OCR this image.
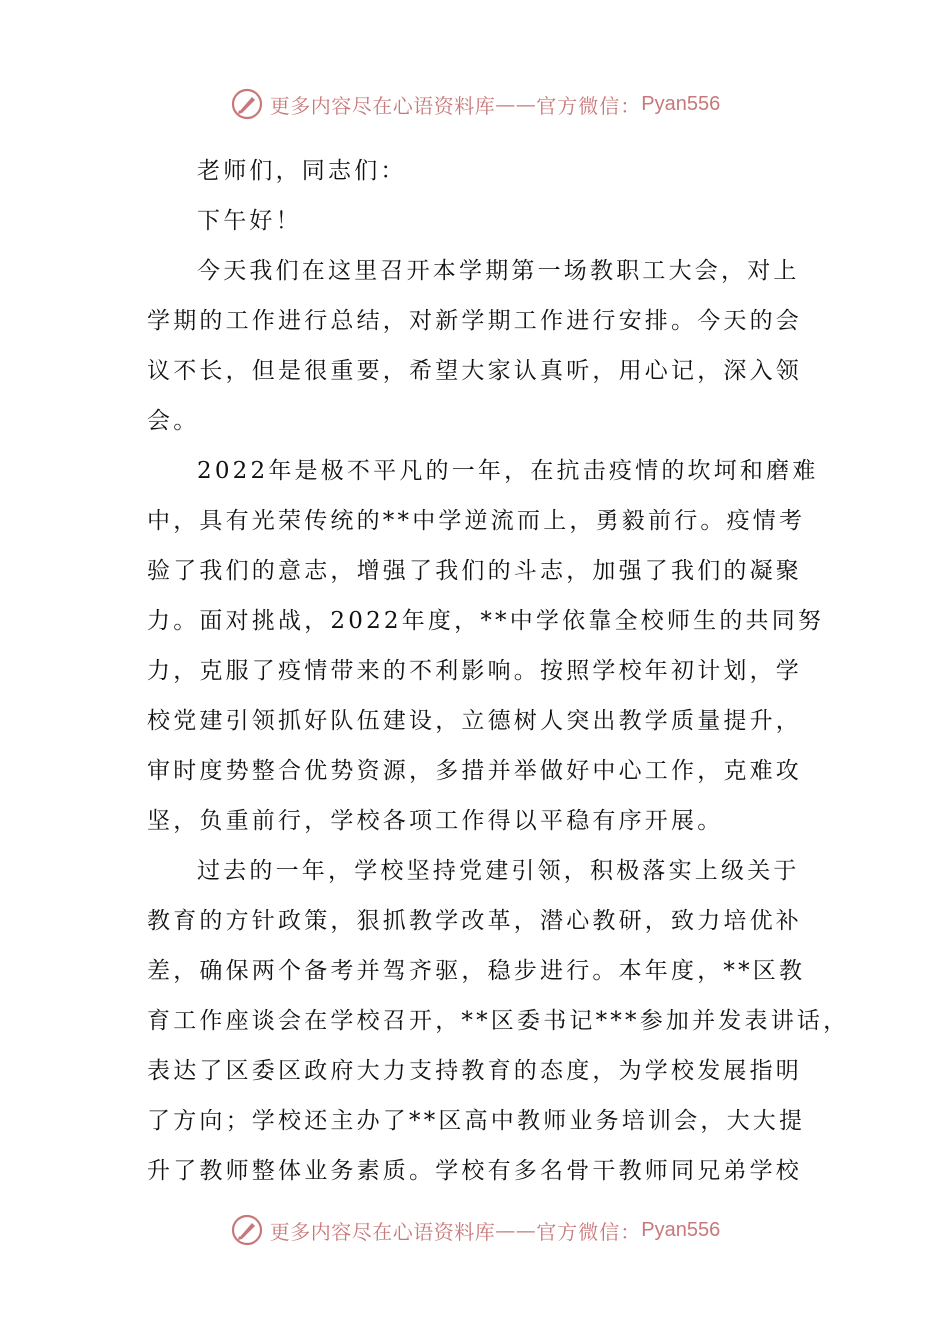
更多内容尽在心语资料库 —— 官方微信： Pyan556
老师们，同志们：
下午好！
今天我们在这里召开本学期第一场教职工大会，对上
学期的工作进行总结，对新学期工作进行安排。今天的会
议不长，但是很重要，希望大家认真听，用心记，深入领
会。
2022年是极不平凡的一年，在抗击疫情的坎坷和磨难
中，具有光荣传统的**中学逆流而上，勇毅前行。疫情考
验了我们的意志，增强了我们的斗志，加强了我们的凝聚
力。面对挑战，2022年度，**中学依靠全校师生的共同努
力，克服了疫情带来的不利影响。按照学校年初计划，学
校党建引领抓好队伍建设，立德树人突出教学质量提升，
审时度势整合优势资源，多措并举做好中心工作，克难攻
坚，负重前行，学校各项工作得以平稳有序开展。
过去的一年，学校坚持党建引领，积极落实上级关于
教育的方针政策，狠抓教学改革，潜心教研，致力培优补
差，确保两个备考并驾齐驱，稳步进行。本年度，**区教
育工作座谈会在学校召开，**区委书记***参加并发表讲话，
表达了区委区政府大力支持教育的态度，为学校发展指明
了方向；学校还主办了**区高中教师业务培训会，大大提
升了教师整体业务素质。学校有多名骨干教师同兄弟学校
更多内容尽在心语资料库 —— 官方微信： Pyan556
